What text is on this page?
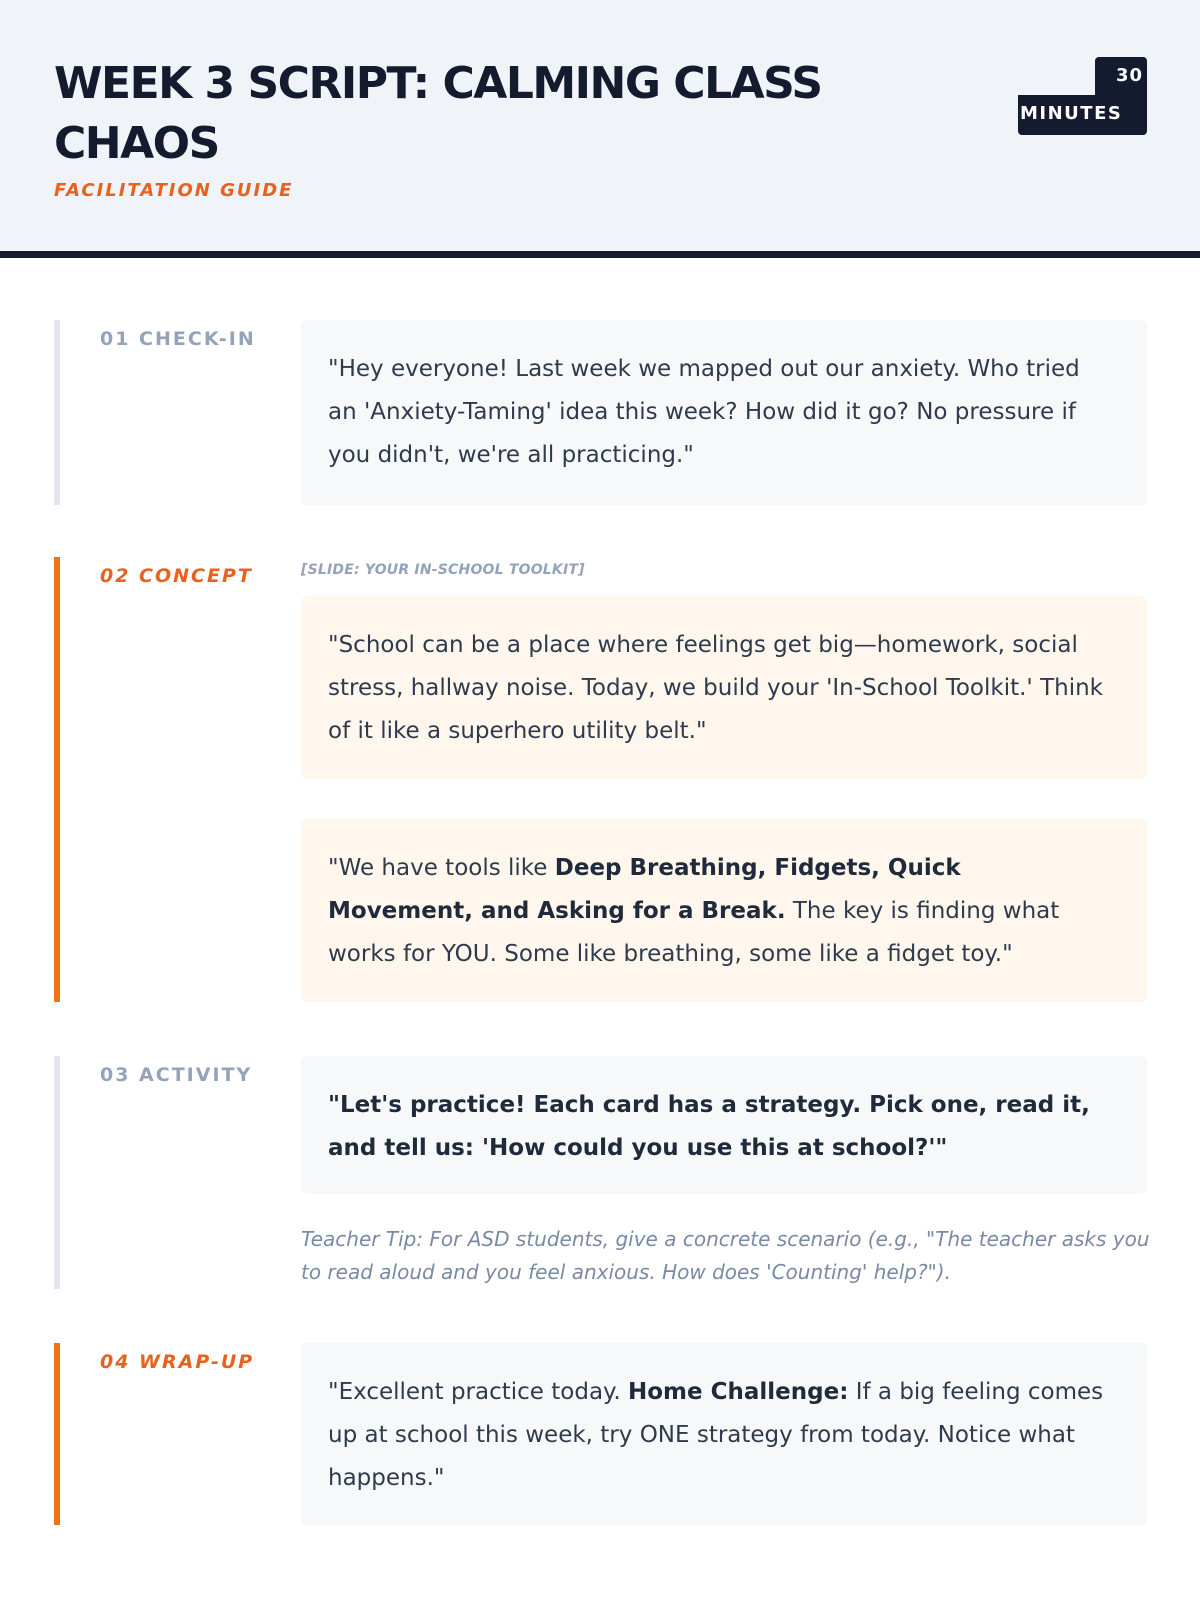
WEEK 3 SCRIPT: CALMING CLASS CHAOS
FACILITATION GUIDE
30
MINUTES
01 CHECK-IN
"Hey everyone! Last week we mapped out our anxiety. Who tried an 'Anxiety-Taming' idea this week? How did it go? No pressure if you didn't, we're all practicing."
02 CONCEPT	[SLIDE: YOUR IN-SCHOOL TOOLKIT]
"School can be a place where feelings get big—homework, social stress, hallway noise. Today, we build your 'In-School Toolkit.' Think of it like a superhero utility belt."
"We have tools like Deep Breathing, Fidgets, Quick Movement, and Asking for a Break. The key is finding what works for YOU. Some like breathing, some like a fidget toy."
03 ACTIVITY
"Let's practice! Each card has a strategy. Pick one, read it, and tell us: 'How could you use this at school?'"
Teacher Tip: For ASD students, give a concrete scenario (e.g., "The teacher asks you to read aloud and you feel anxious. How does 'Counting' help?").
04 WRAP-UP
"Excellent practice today. Home Challenge: If a big feeling comes up at school this week, try ONE strategy from today. Notice what happens."
